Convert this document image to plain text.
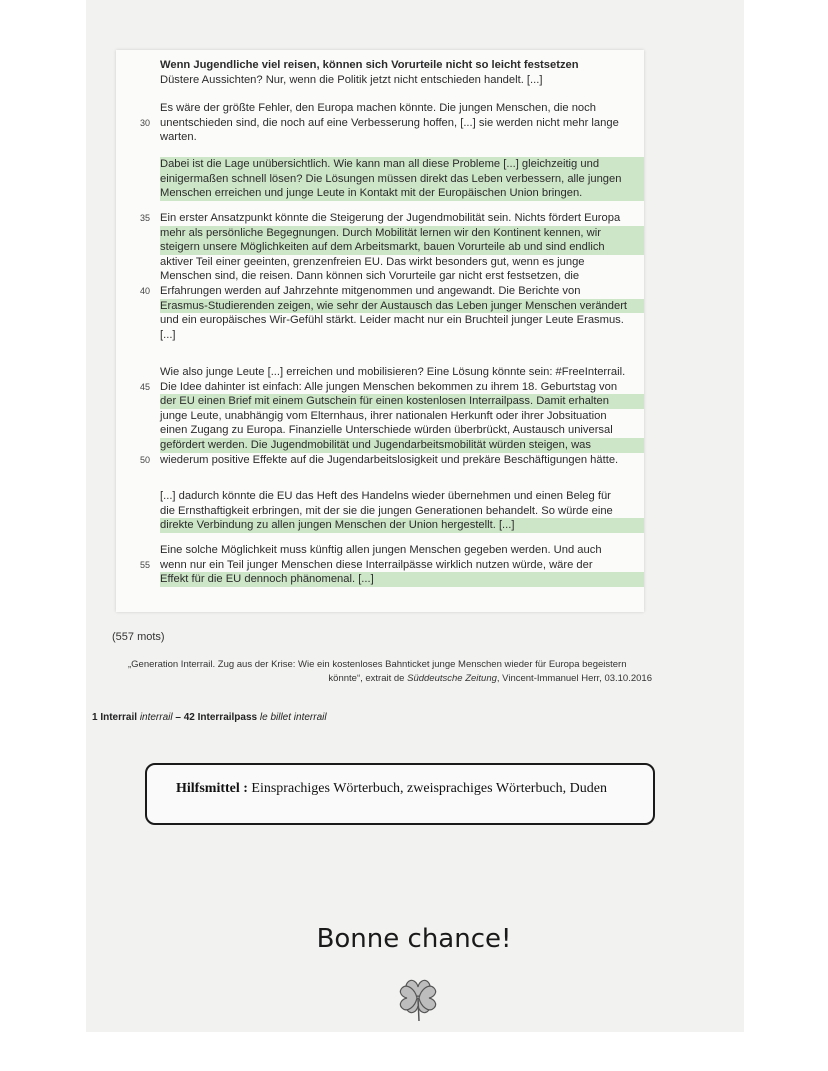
Wenn Jugendliche viel reisen, können sich Vorurteile nicht so leicht festsetzen
Düstere Aussichten? Nur, wenn die Politik jetzt nicht entschieden handelt. [...]
Es wäre der größte Fehler, den Europa machen könnte. Die jungen Menschen, die noch
30 unentschieden sind, die noch auf eine Verbesserung hoffen, [...] sie werden nicht mehr lange
warten.
Dabei ist die Lage unübersichtlich. Wie kann man all diese Probleme [...] gleichzeitig und
einigermaßen schnell lösen? Die Lösungen müssen direkt das Leben verbessern, alle jungen
Menschen erreichen und junge Leute in Kontakt mit der Europäischen Union bringen.
35 Ein erster Ansatzpunkt könnte die Steigerung der Jugendmobilität sein. Nichts fördert Europa
mehr als persönliche Begegnungen. Durch Mobilität lernen wir den Kontinent kennen, wir
steigern unsere Möglichkeiten auf dem Arbeitsmarkt, bauen Vorurteile ab und sind endlich
aktiver Teil einer geeinten, grenzenfreien EU. Das wirkt besonders gut, wenn es junge
Menschen sind, die reisen. Dann können sich Vorurteile gar nicht erst festsetzen, die
40 Erfahrungen werden auf Jahrzehnte mitgenommen und angewandt. Die Berichte von
Erasmus-Studierenden zeigen, wie sehr der Austausch das Leben junger Menschen verändert
und ein europäisches Wir-Gefühl stärkt. Leider macht nur ein Bruchteil junger Leute Erasmus.
[...]
Wie also junge Leute [...] erreichen und mobilisieren? Eine Lösung könnte sein: #FreeInterrail.
45 Die Idee dahinter ist einfach: Alle jungen Menschen bekommen zu ihrem 18. Geburtstag von
der EU einen Brief mit einem Gutschein für einen kostenlosen Interrailpass. Damit erhalten
junge Leute, unabhängig vom Elternhaus, ihrer nationalen Herkunft oder ihrer Jobsituation
einen Zugang zu Europa. Finanzielle Unterschiede würden überbrückt, Austausch universal
gefördert werden. Die Jugendmobilität und Jugendarbeitsmobilität würden steigen, was
50 wiederum positive Effekte auf die Jugendarbeitslosigkeit und prekäre Beschäftigungen hätte.
[...] dadurch könnte die EU das Heft des Handelns wieder übernehmen und einen Beleg für
die Ernsthaftigkeit erbringen, mit der sie die jungen Generationen behandelt. So würde eine
direkte Verbindung zu allen jungen Menschen der Union hergestellt. [...]
Eine solche Möglichkeit muss künftig allen jungen Menschen gegeben werden. Und auch
55 wenn nur ein Teil junger Menschen diese Interrailpässe wirklich nutzen würde, wäre der
Effekt für die EU dennoch phänomenal. [...]
(557 mots)
„Generation Interrail. Zug aus der Krise: Wie ein kostenloses Bahnticket junge Menschen wieder für Europa begeistern
könnte“, extrait de Süddeutsche Zeitung, Vincent-Immanuel Herr, 03.10.2016
1 Interrail interrail – 42 Interrailpass le billet interrail
Hilfsmittel : Einsprachiges Wörterbuch, zweisprachiges Wörterbuch, Duden
Bonne chance!
